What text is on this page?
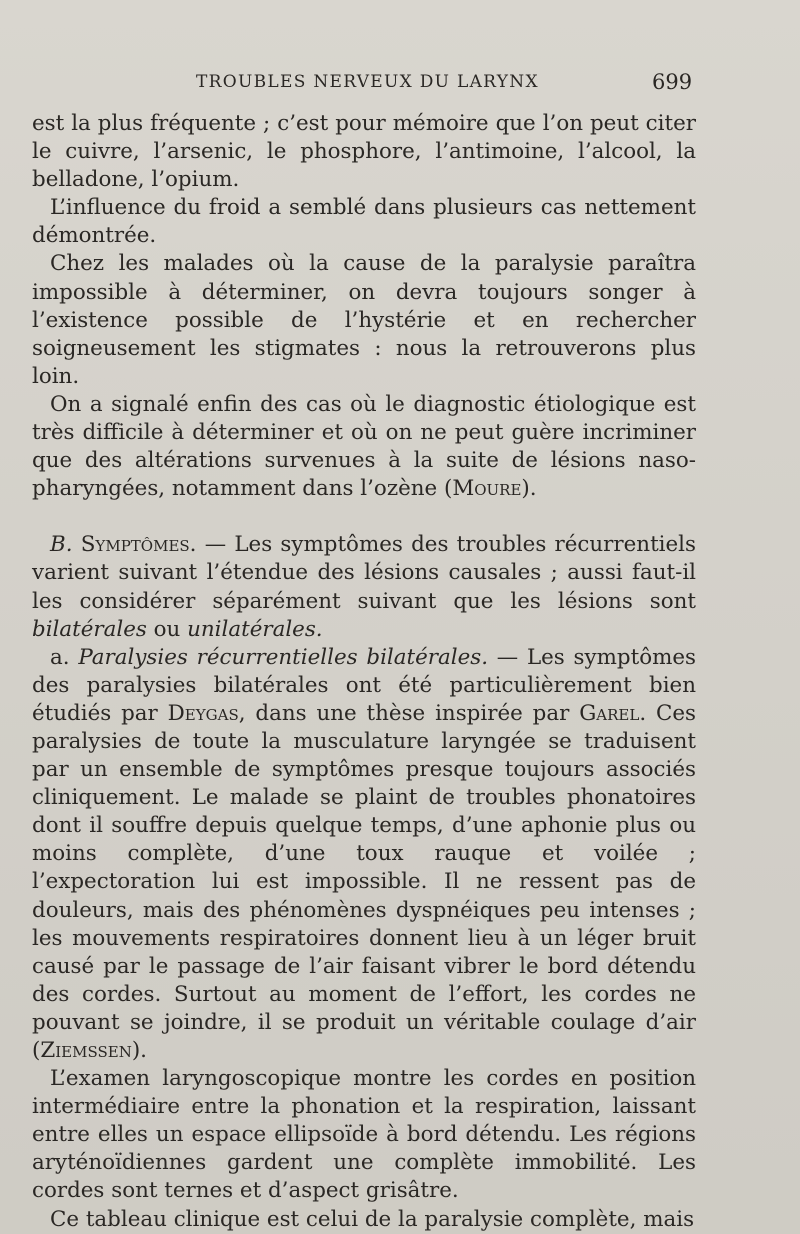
TROUBLES NERVEUX DU LARYNX	699

est la plus fréquente ; c’est pour mémoire que l’on peut citer le cuivre, l’arsenic, le phosphore, l’antimoine, l’alcool, la belladone, l’opium.

L’influence du froid a semblé dans plusieurs cas nettement démontrée.

Chez les malades où la cause de la paralysie paraîtra impossible à déterminer, on devra toujours songer à l’existence possible de l’hystérie et en rechercher soigneusement les stigmates : nous la retrouverons plus loin.

On a signalé enfin des cas où le diagnostic étiologique est très difficile à déterminer et où on ne peut guère incriminer que des altérations survenues à la suite de lésions naso-pharyngées, notamment dans l’ozène (Moure).

B. Symptômes. — Les symptômes des troubles récurrentiels varient suivant l’étendue des lésions causales ; aussi faut-il les considérer séparément suivant que les lésions sont bilatérales ou unilatérales.

a. Paralysies récurrentielles bilatérales. — Les symptômes des paralysies bilatérales ont été particulièrement bien étudiés par Deygas, dans une thèse inspirée par Garel. Ces paralysies de toute la musculature laryngée se traduisent par un ensemble de symptômes presque toujours associés cliniquement. Le malade se plaint de troubles phonatoires dont il souffre depuis quelque temps, d’une aphonie plus ou moins complète, d’une toux rauque et voilée ; l’expectoration lui est impossible. Il ne ressent pas de douleurs, mais des phénomènes dyspnéiques peu intenses ; les mouvements respiratoires donnent lieu à un léger bruit causé par le passage de l’air faisant vibrer le bord détendu des cordes. Surtout au moment de l’effort, les cordes ne pouvant se joindre, il se produit un véritable coulage d’air (Ziemssen).

L’examen laryngoscopique montre les cordes en position intermédiaire entre la phonation et la respiration, laissant entre elles un espace ellipsoïde à bord détendu. Les régions aryténoïdiennes gardent une complète immobilité. Les cordes sont ternes et d’aspect grisâtre.

Ce tableau clinique est celui de la paralysie complète, mais
